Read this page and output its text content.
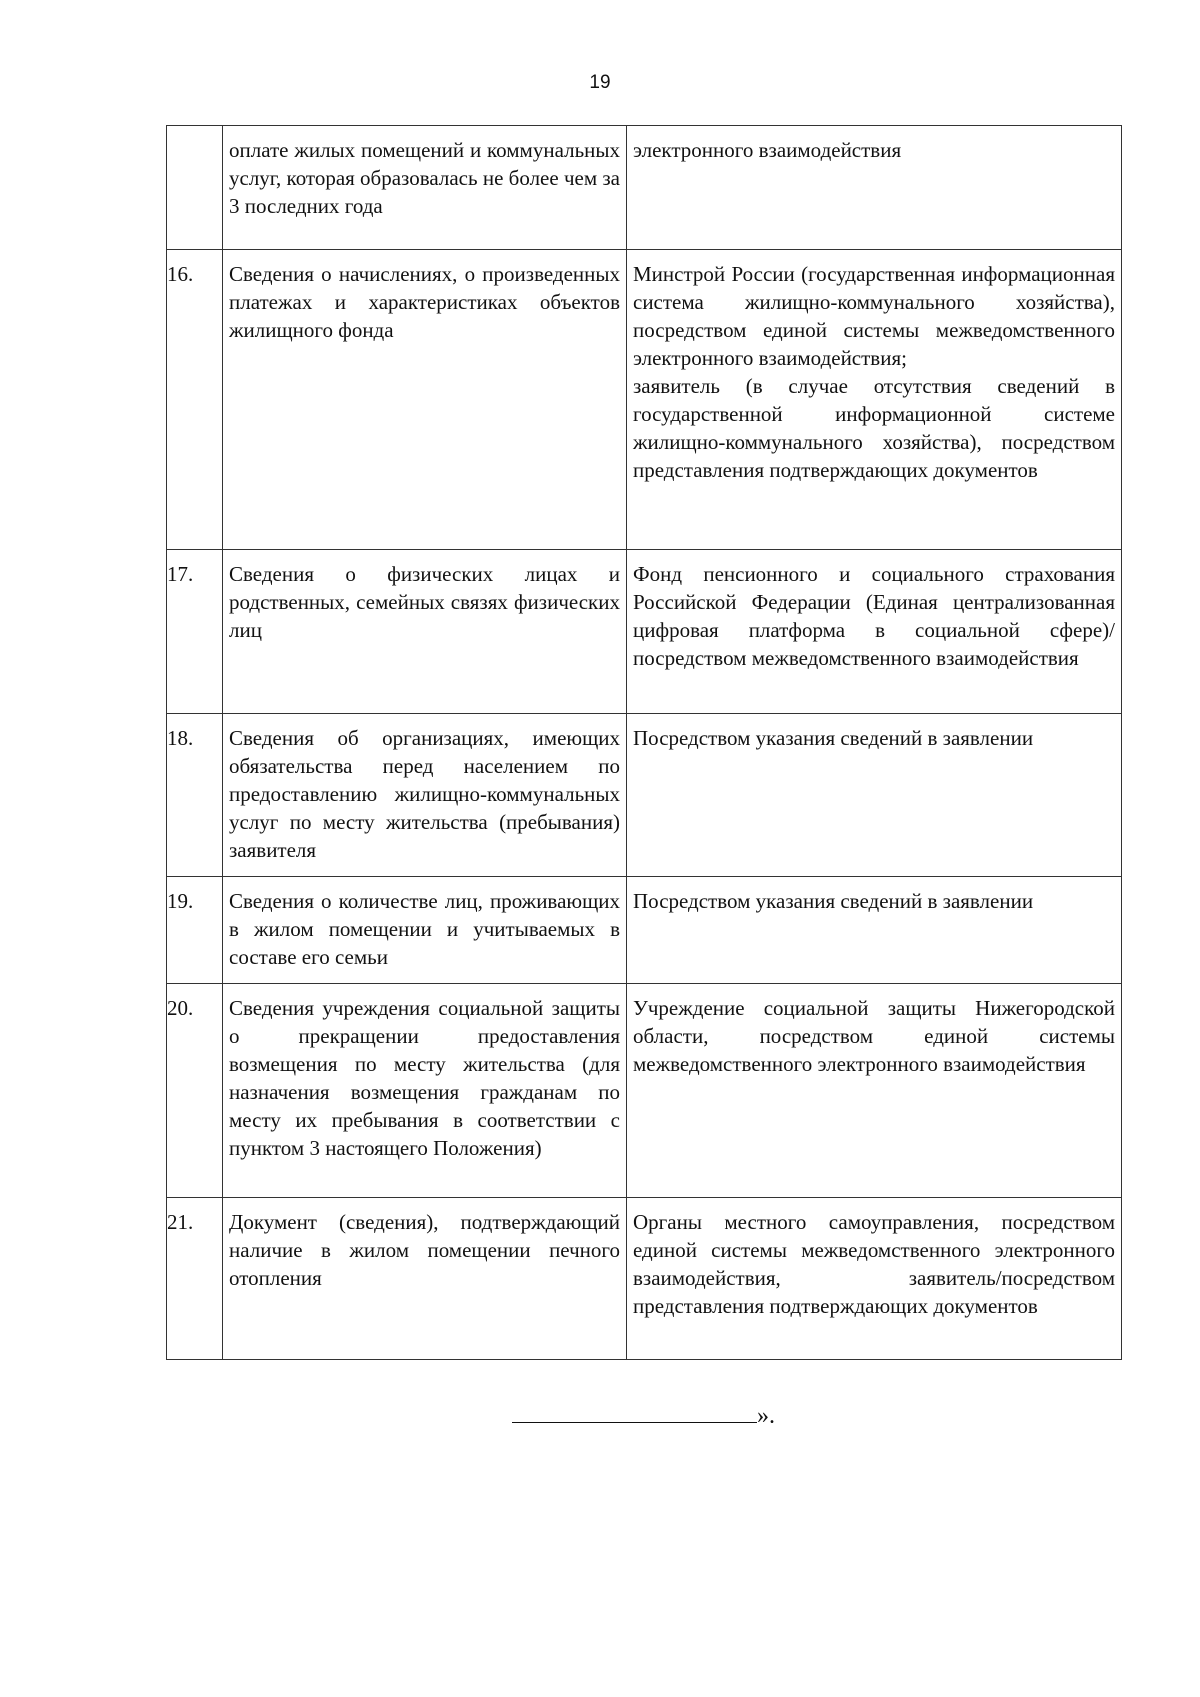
19
	оплате жилых помещений и коммунальных услуг, которая образовалась не более чем за 3 последних года	электронного взаимодействия

16.	Сведения о начислениях, о произведенных платежах и характеристиках объектов жилищного фонда	Минстрой России (государственная информационная система жилищно-коммунального хозяйства), посредством единой системы межведомственного электронного взаимодействия;
заявитель (в случае отсутствия сведений в государственной информационной системе жилищно-коммунального хозяйства), посредством представления подтверждающих документов

17.	Сведения о физических лицах и родственных, семейных связях физических лиц	Фонд пенсионного и социального страхования Российской Федерации (Единая централизованная цифровая платформа в социальной сфере)/посредством межведомственного взаимодействия

18.	Сведения об организациях, имеющих обязательства перед населением по предоставлению жилищно-коммунальных услуг по месту жительства (пребывания) заявителя	Посредством указания сведений в заявлении

19.	Сведения о количестве лиц, проживающих в жилом помещении и учитываемых в составе его семьи	Посредством указания сведений в заявлении

20.	Сведения учреждения социальной защиты о прекращении предоставления возмещения по месту жительства (для назначения возмещения гражданам по месту их пребывания в соответствии с пунктом 3 настоящего Положения)	Учреждение социальной защиты Нижегородской области, посредством единой системы межведомственного электронного взаимодействия

21.	Документ (сведения), подтверждающий наличие в жилом помещении печного отопления	Органы местного самоуправления, посредством единой системы межведомственного электронного взаимодействия, заявитель/посредством представления подтверждающих документов
».
